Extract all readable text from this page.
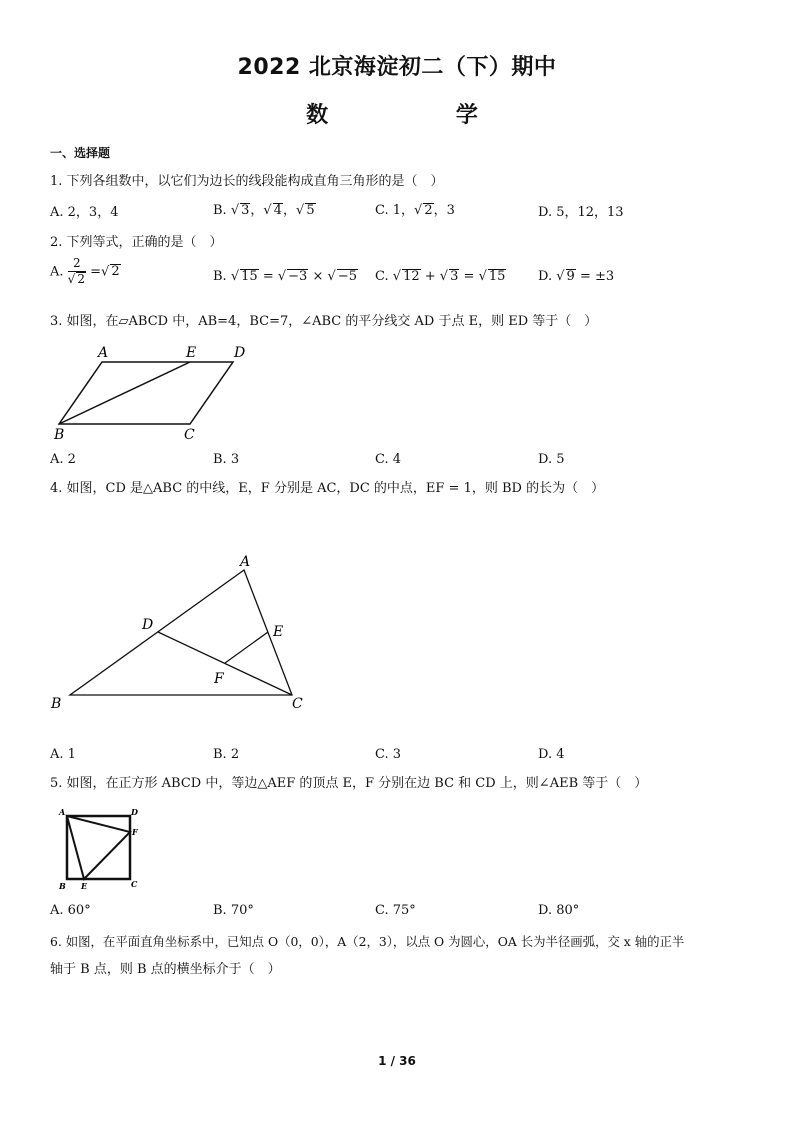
2022 北京海淀初二（下）期中
数 学
一、选择题
1. 下列各组数中，以它们为边长的线段能构成直角三角形的是（　）
A. 2，3，4	B. √ 3，√ 4，√ 5	C. 1，√ 2，3	D. 5，12，13
2. 下列等式，正确的是（　）
A. $\frac{2}{√ 2}$ =√ 2	B. √ 15 = √ −3 × √ −5 C. √ 12 + √ 3 = √ 15	D. √ 9 = ±3
3. 如图，在▱ABCD 中，AB=4，BC=7，∠ABC 的平分线交 AD 于点 E，则 ED 等于（　）
A	E	D
B	C
A. 2	B. 3	C. 4	D. 5
4. 如图，CD 是△ABC 的中线，E，F 分别是 AC，DC 的中点，EF = 1，则 BD 的长为（　）
A
B	C
D	E
F
A. 1	B. 2	C. 3	D. 4
5. 如图，在正方形 ABCD 中，等边△AEF 的顶点 E，F 分别在边 BC 和 CD 上，则∠AEB 等于（　）
A	D
F
B E	C
A. 60°	B. 70°	C. 75°	D. 80°
6. 如图，在平面直角坐标系中，已知点 O（0，0），A（2，3），以点 O 为圆心，OA 长为半径画弧，交 x 轴的正半
轴于 B 点，则 B 点的横坐标介于（　）
1 / 36
